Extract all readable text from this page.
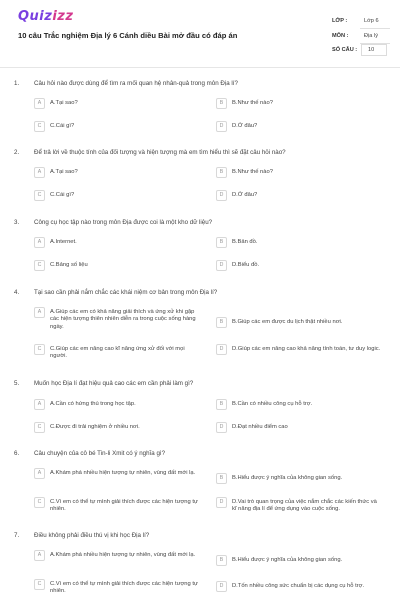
Quizizz
10 câu Trắc nghiệm Địa lý 6 Cánh diều Bài mở đầu có đáp án
LỚP :	Lớp 6
MÔN :	Địa lý
SỐ CÂU :	10
1. Câu hỏi nào được dùng để tìm ra mối quan hệ nhân-quả trong môn Địa lí?
A	A.Tại sao?	B	B.Như thế nào?
C	C.Cái gì?	D	D.Ở đâu?
2. Để trả lời về thuộc tính của đối tượng và hiện tượng mà em tìm hiểu thì sẽ đặt câu hỏi nào?
A	A.Tại sao?	B	B.Như thế nào?
C	C.Cái gì?	D	D.Ở đâu?
3. Công cụ học tập nào trong môn Địa được coi là một kho dữ liệu?
A	A.Internet.	B	B.Bản đồ.
C	C.Bảng số liệu	D	D.Biểu đồ.
4. Tại sao cần phải nắm chắc các khái niệm cơ bản trong môn Địa lí?
A	A.Giúp các em có khả năng giải thích và ứng xử khi gặp các hiện tượng thiên nhiên diễn ra trong cuộc sống hàng ngày.
B	B.Giúp các em được du lịch thật nhiều nơi.
C	C.Giúp các em nâng cao kĩ năng ứng xử đối với mọi người.
D	D.Giúp các em nâng cao khả năng tính toán, tư duy logic.
5. Muốn học Địa lí đạt hiệu quả cao các em cần phải làm gì?
A	A.Cần có hứng thú trong học tập.	B	B.Cần có nhiều công cụ hỗ trợ.
C	C.Được đi trải nghiệm ở nhiều nơi.	D	D.Đạt nhiều điểm cao
6. Câu chuyện của cô bé Tin-li Xmit có ý nghĩa gì?
A	A.Khám phá nhiều hiện tượng tự nhiên, vùng đất mới lạ.
B	B.Hiểu được ý nghĩa của không gian sống.
C	C.Vì em có thể tự mình giải thích được các hiện tượng tự nhiên.
D	D.Vai trò quan trọng của việc nắm chắc các kiến thức và kĩ năng địa lí để ứng dụng vào cuộc sống.
7. Điều không phải điều thú vị khi học Địa lí?
A	A.Khám phá nhiều hiện tượng tự nhiên, vùng đất mới lạ.
B	B.Hiểu được ý nghĩa của không gian sống.
C	C.Vì em có thể tự mình giải thích được các hiện tượng tự nhiên.
D	D.Tốn nhiều công sức chuẩn bị các dụng cụ hỗ trợ.
